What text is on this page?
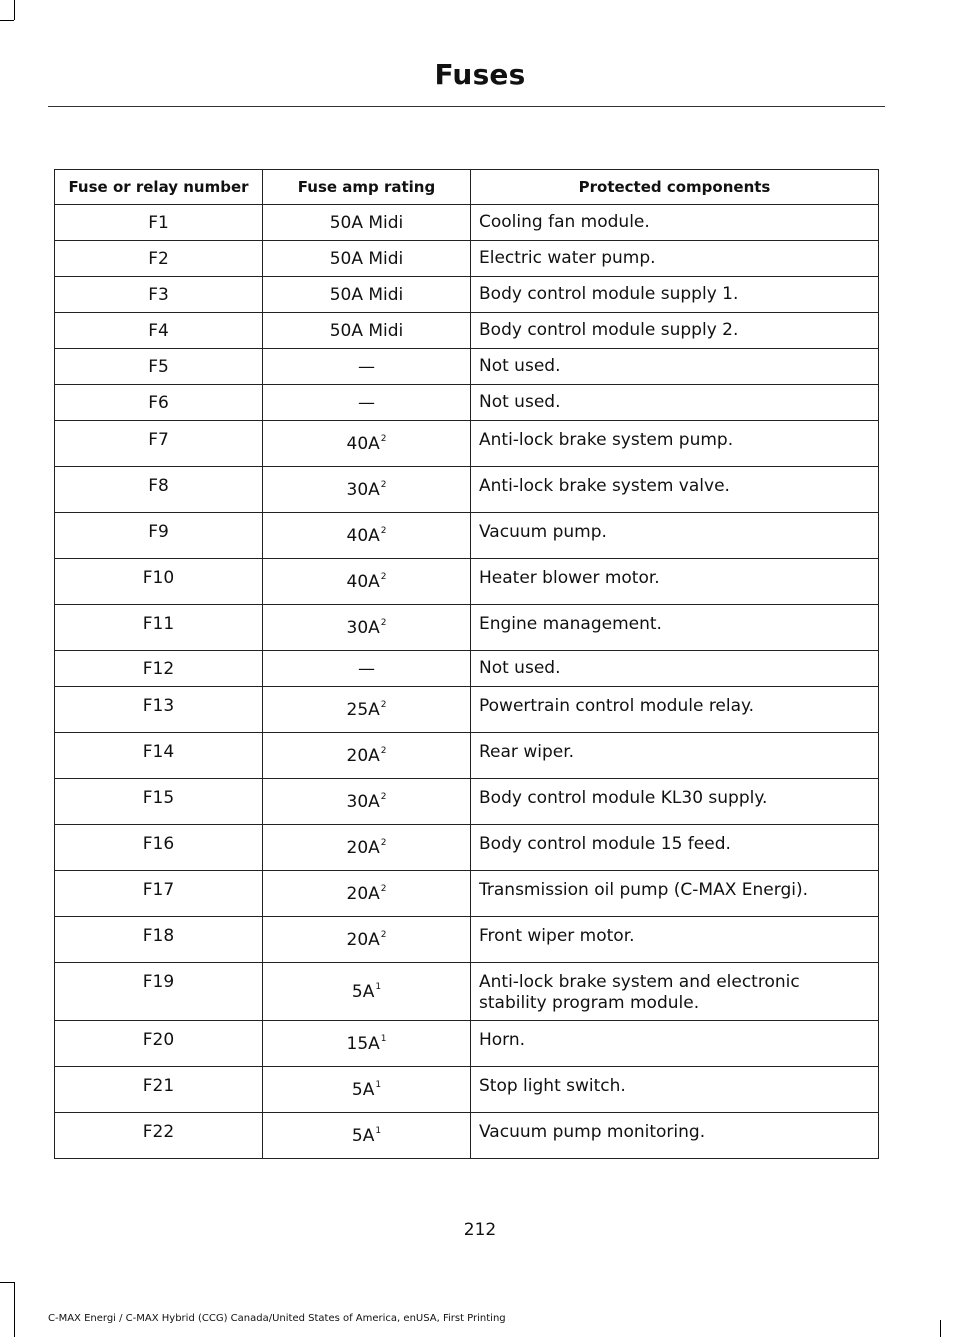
Fuses
Fuse or relay number	Fuse amp rating	Protected components
F1	50A Midi	Cooling fan module.
F2	50A Midi	Electric water pump.
F3	50A Midi	Body control module supply 1.
F4	50A Midi	Body control module supply 2.
F5	—	Not used.
F6	—	Not used.
F7	$40A^2$	Anti-lock brake system pump.
F8	$30A^2$	Anti-lock brake system valve.
F9	$40A^2$	Vacuum pump.
F10	$40A^2$	Heater blower motor.
F11	$30A^2$	Engine management.
F12	—	Not used.
F13	$25A^2$	Powertrain control module relay.
F14	$20A^2$	Rear wiper.
F15	$30A^2$	Body control module KL30 supply.
F16	$20A^2$	Body control module 15 feed.
F17	$20A^2$	Transmission oil pump (C-MAX Energi).
F18	$20A^2$	Front wiper motor.
F19	$5A^1$	Anti-lock brake system and electronic stability program module.
F20	$15A^1$	Horn.
F21	$5A^1$	Stop light switch.
F22	$5A^1$	Vacuum pump monitoring.
212
C-MAX Energi / C-MAX Hybrid (CCG) Canada/United States of America, enUSA, First Printing
